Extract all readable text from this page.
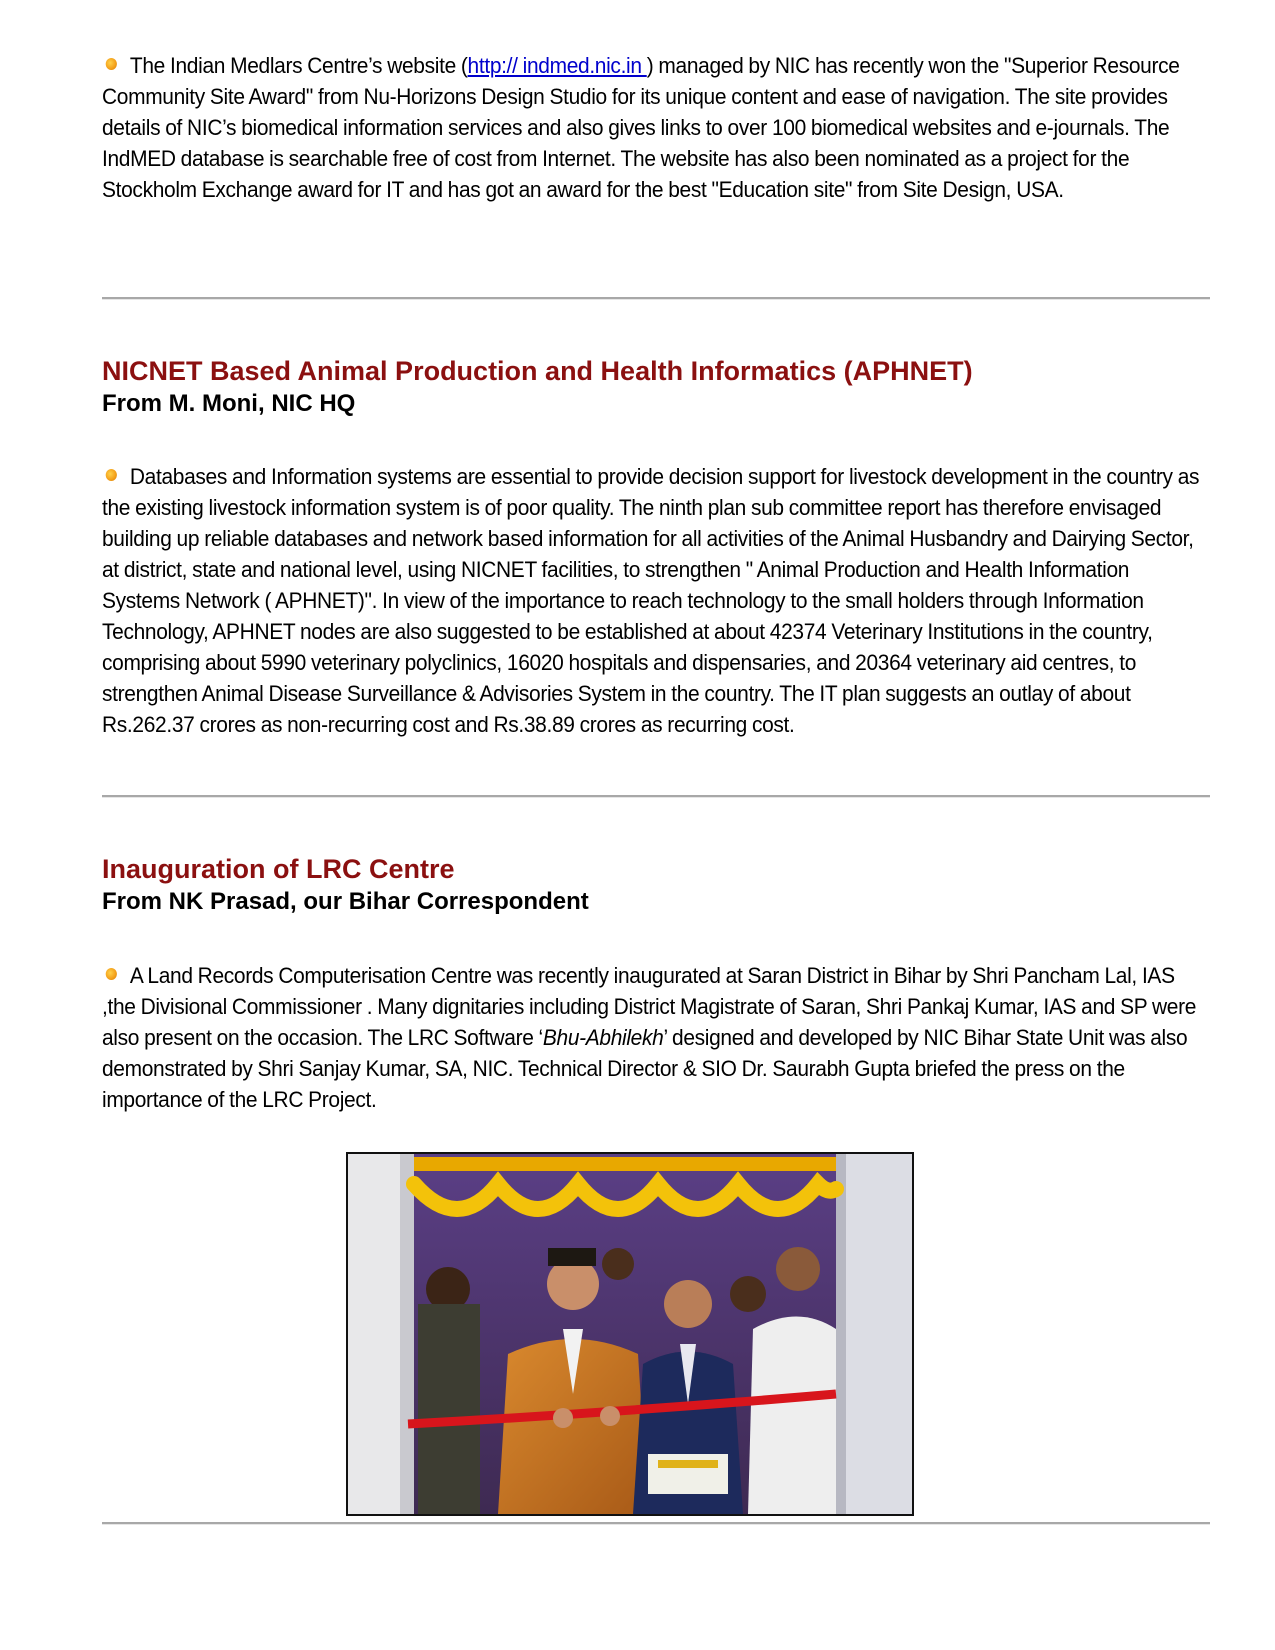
The Indian Medlars Centre’s website (http:// indmed.nic.in ) managed by NIC has recently won the "Superior Resource Community Site Award" from Nu-Horizons Design Studio for its unique content and ease of navigation. The site provides details of NIC’s biomedical information services and also gives links to over 100 biomedical websites and e-journals. The IndMED database is searchable free of cost from Internet. The website has also been nominated as a project for the Stockholm Exchange award for IT and has got an award for the best "Education site" from Site Design, USA.

NICNET Based Animal Production and Health Informatics (APHNET)
From M. Moni, NIC HQ

Databases and Information systems are essential to provide decision support for livestock development in the country as the existing livestock information system is of poor quality. The ninth plan sub committee report has therefore envisaged building up reliable databases and network based information for all activities of the Animal Husbandry and Dairying Sector, at district, state and national level, using NICNET facilities, to strengthen " Animal Production and Health Information Systems Network ( APHNET)". In view of the importance to reach technology to the small holders through Information Technology, APHNET nodes are also suggested to be established at about 42374 Veterinary Institutions in the country, comprising about 5990 veterinary polyclinics, 16020 hospitals and dispensaries, and 20364 veterinary aid centres, to strengthen Animal Disease Surveillance & Advisories System in the country. The IT plan suggests an outlay of about Rs.262.37 crores as non-recurring cost and Rs.38.89 crores as recurring cost.

Inauguration of LRC Centre
From NK Prasad, our Bihar Correspondent

A Land Records Computerisation Centre was recently inaugurated at Saran District in Bihar by Shri Pancham Lal, IAS ,the Divisional Commissioner . Many dignitaries including District Magistrate of Saran, Shri Pankaj Kumar, IAS and SP were also present on the occasion. The LRC Software ‘Bhu-Abhilekh’ designed and developed by NIC Bihar State Unit was also demonstrated by Shri Sanjay Kumar, SA, NIC. Technical Director & SIO Dr. Saurabh Gupta briefed the press on the importance of the LRC Project.
